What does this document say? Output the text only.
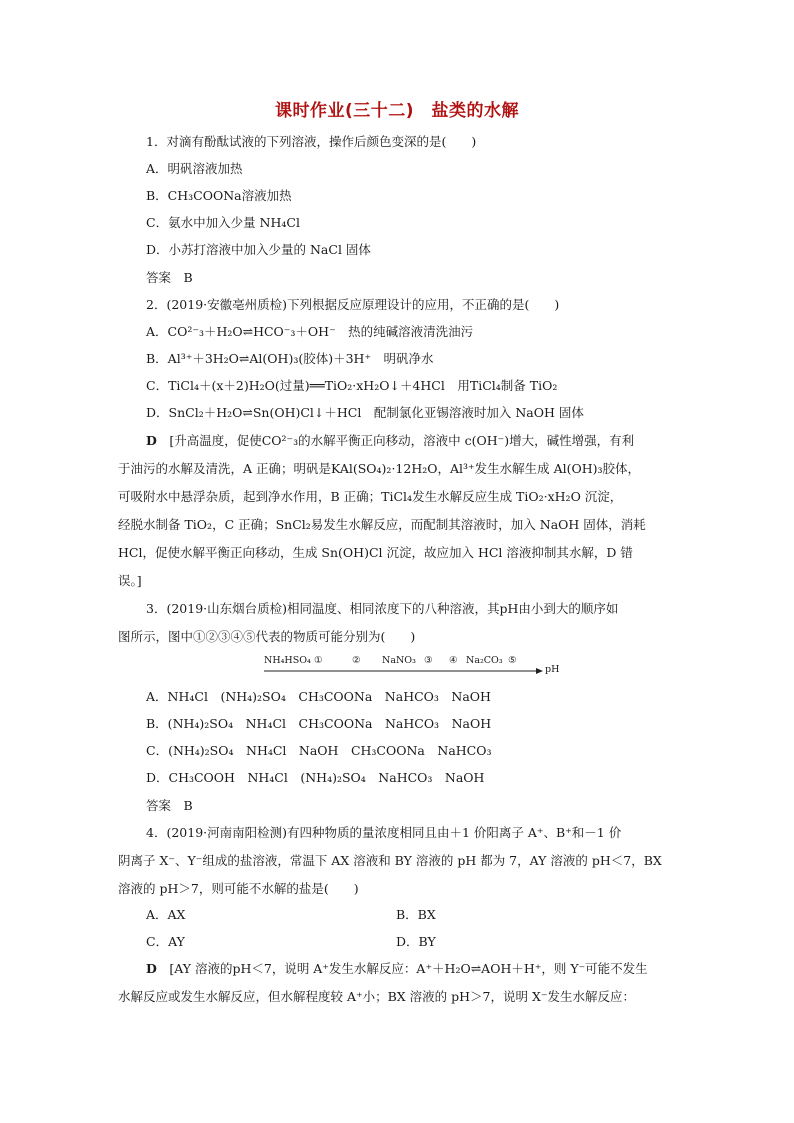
课时作业(三十二)　盐类的水解
1．对滴有酚酞试液的下列溶液，操作后颜色变深的是(　　)
A．明矾溶液加热
B．CH₃COONa溶液加热
C．氨水中加入少量 NH₄Cl
D．小苏打溶液中加入少量的 NaCl 固体
答案　B
2．(2019·安徽亳州质检)下列根据反应原理设计的应用，不正确的是(　　)
A．CO²⁻₃＋H₂O⇌HCO⁻₃＋OH⁻　热的纯碱溶液清洗油污
B．Al³⁺＋3H₂O⇌Al(OH)₃(胶体)＋3H⁺　明矾净水
C．TiCl₄＋(x＋2)H₂O(过量)══TiO₂·xH₂O↓＋4HCl　用TiCl₄制备 TiO₂
D．SnCl₂＋H₂O⇌Sn(OH)Cl↓＋HCl　配制氯化亚锡溶液时加入 NaOH 固体
D　[升高温度，促使CO²⁻₃的水解平衡正向移动，溶液中 c(OH⁻)增大，碱性增强，有利
于油污的水解及清洗，A 正确；明矾是KAl(SO₄)₂·12H₂O，Al³⁺发生水解生成 Al(OH)₃胶体，
可吸附水中悬浮杂质，起到净水作用，B 正确；TiCl₄发生水解反应生成 TiO₂·xH₂O 沉淀，
经脱水制备 TiO₂，C 正确；SnCl₂易发生水解反应，而配制其溶液时，加入 NaOH 固体，消耗
HCl，促使水解平衡正向移动，生成 Sn(OH)Cl 沉淀，故应加入 HCl 溶液抑制其水解，D 错
误。]
3．(2019·山东烟台质检)相同温度、相同浓度下的八种溶液，其pH由小到大的顺序如
图所示，图中①②③④⑤代表的物质可能分别为(　　)
NH₄HSO₄ ①	② NaNO₃ ③ ④ Na₂CO₃ ⑤
pH
A．NH₄Cl　(NH₄)₂SO₄　CH₃COONa　NaHCO₃　NaOH
B．(NH₄)₂SO₄　NH₄Cl　CH₃COONa　NaHCO₃　NaOH
C．(NH₄)₂SO₄　NH₄Cl　NaOH　CH₃COONa　NaHCO₃
D．CH₃COOH　NH₄Cl　(NH₄)₂SO₄　NaHCO₃　NaOH
答案　B
4．(2019·河南南阳检测)有四种物质的量浓度相同且由＋1 价阳离子 A⁺、B⁺和－1 价
阴离子 X⁻、Y⁻组成的盐溶液，常温下 AX 溶液和 BY 溶液的 pH 都为 7，AY 溶液的 pH＜7，BX
溶液的 pH＞7，则可能不水解的盐是(　　)
A．AX	B．BX
C．AY	D．BY
D　[AY 溶液的pH＜7，说明 A⁺发生水解反应：A⁺＋H₂O⇌AOH＋H⁺，则 Y⁻可能不发生
水解反应或发生水解反应，但水解程度较 A⁺小；BX 溶液的 pH＞7，说明 X⁻发生水解反应：
